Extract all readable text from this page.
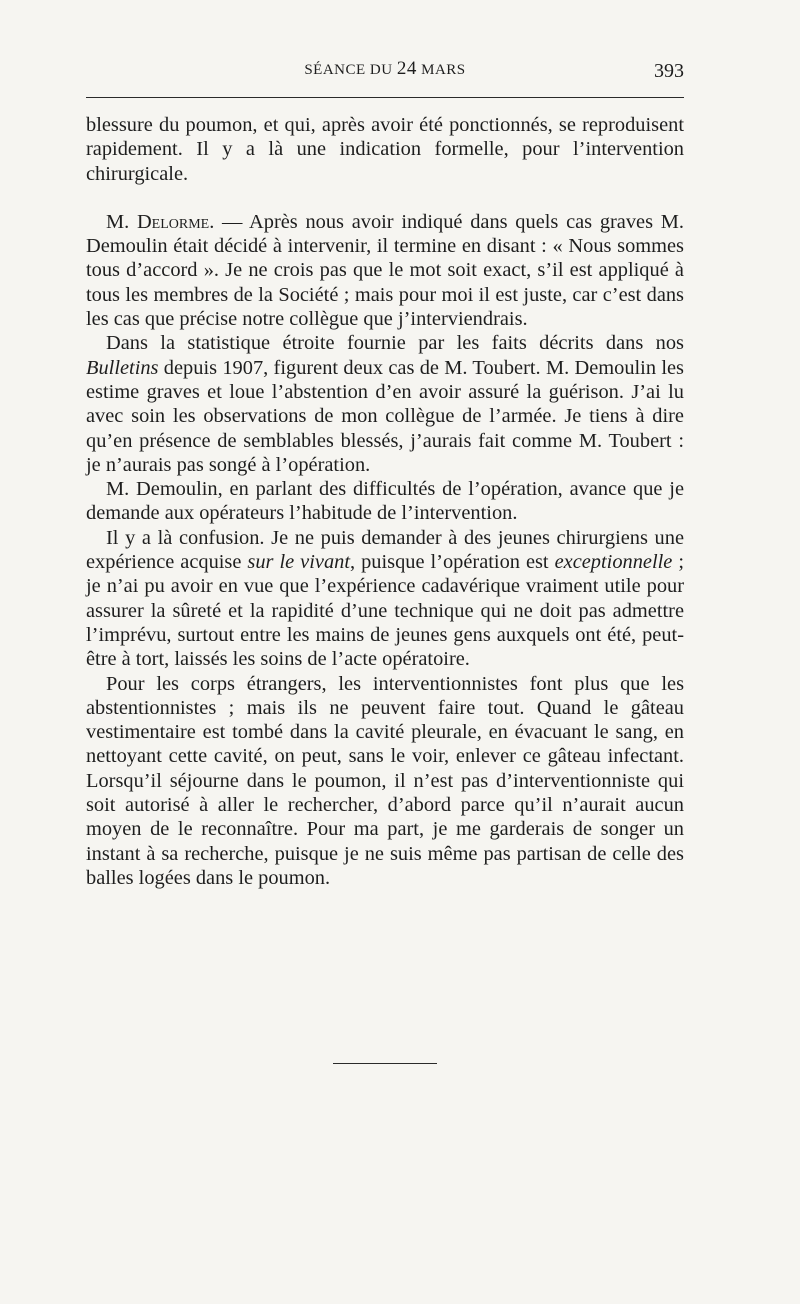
SÉANCE DU 24 MARS	393

blessure du poumon, et qui, après avoir été ponctionnés, se reproduisent rapidement. Il y a là une indication formelle, pour l’intervention chirurgicale.

M. Delorme. — Après nous avoir indiqué dans quels cas graves M. Demoulin était décidé à intervenir, il termine en disant : « Nous sommes tous d’accord ». Je ne crois pas que le mot soit exact, s’il est appliqué à tous les membres de la Société ; mais pour moi il est juste, car c’est dans les cas que précise notre collègue que j’interviendrais.

Dans la statistique étroite fournie par les faits décrits dans nos Bulletins depuis 1907, figurent deux cas de M. Toubert. M. Demoulin les estime graves et loue l’abstention d’en avoir assuré la guérison. J’ai lu avec soin les observations de mon collègue de l’armée. Je tiens à dire qu’en présence de semblables blessés, j’aurais fait comme M. Toubert : je n’aurais pas songé à l’opération.

M. Demoulin, en parlant des difficultés de l’opération, avance que je demande aux opérateurs l’habitude de l’intervention.

Il y a là confusion. Je ne puis demander à des jeunes chirurgiens une expérience acquise sur le vivant, puisque l’opération est exceptionnelle ; je n’ai pu avoir en vue que l’expérience cadavérique vraiment utile pour assurer la sûreté et la rapidité d’une technique qui ne doit pas admettre l’imprévu, surtout entre les mains de jeunes gens auxquels ont été, peut-être à tort, laissés les soins de l’acte opératoire.

Pour les corps étrangers, les interventionnistes font plus que les abstentionnistes ; mais ils ne peuvent faire tout. Quand le gâteau vestimentaire est tombé dans la cavité pleurale, en évacuant le sang, en nettoyant cette cavité, on peut, sans le voir, enlever ce gâteau infectant. Lorsqu’il séjourne dans le poumon, il n’est pas d’interventionniste qui soit autorisé à aller le rechercher, d’abord parce qu’il n’aurait aucun moyen de le reconnaître. Pour ma part, je me garderais de songer un instant à sa recherche, puisque je ne suis même pas partisan de celle des balles logées dans le poumon.
